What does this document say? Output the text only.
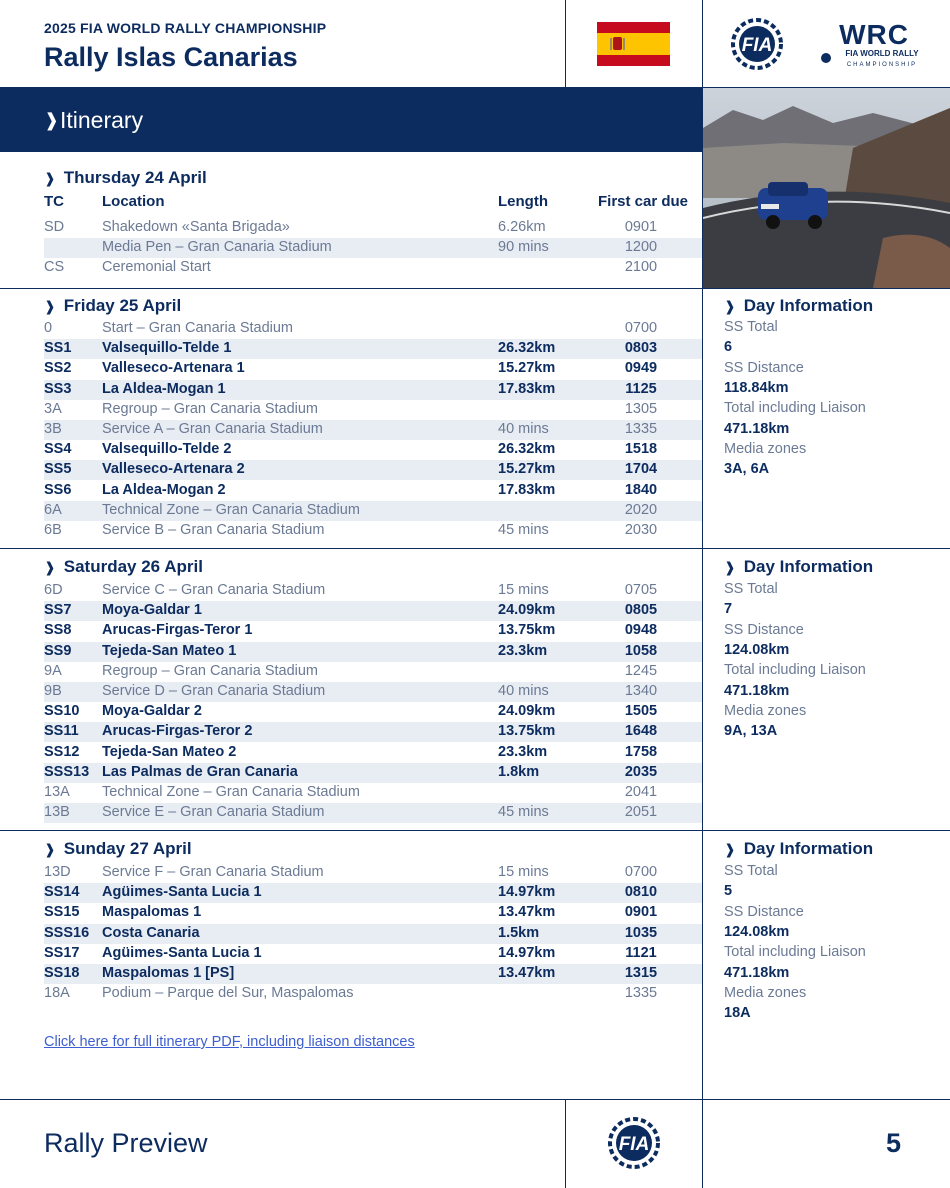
2025 FIA WORLD RALLY CHAMPIONSHIP
Rally Islas Canarias	FIA WRC
FIA WORLD RALLY
CHAMPIONSHIP
❱ Itinerary
❱ Thursday 24 April
TC	Location	Length	First car due
SD	Shakedown «Santa Brigada»	6.26km	0901
Media Pen – Gran Canaria Stadium	90 mins	1200
CS	Ceremonial Start	2100
❱ Friday 25 April
0	Start – Gran Canaria Stadium	0700
SS1 Valsequillo-Telde 1	26.32km	0803
SS2 Valleseco-Artenara 1	15.27km	0949
SS3 La Aldea-Mogan 1	17.83km	1125
3A	Regroup – Gran Canaria Stadium	1305
3B	Service A – Gran Canaria Stadium	40 mins	1335
SS4 Valsequillo-Telde 2	26.32km	1518
SS5 Valleseco-Artenara 2	15.27km	1704
SS6 La Aldea-Mogan 2	17.83km	1840
6A	Technical Zone – Gran Canaria Stadium	2020
6B	Service B – Gran Canaria Stadium	45 mins	2030
❱ Day Information
SS Total
6
SS Distance
118.84km
Total including Liaison
471.18km
Media zones
3A, 6A
❱ Saturday 26 April
6D	Service C – Gran Canaria Stadium	15 mins	0705
SS7 Moya-Galdar 1	24.09km	0805
SS8 Arucas-Firgas-Teror 1	13.75km	0948
SS9 Tejeda-San Mateo 1	23.3km	1058
9A	Regroup – Gran Canaria Stadium	1245
9B	Service D – Gran Canaria Stadium	40 mins	1340
SS10 Moya-Galdar 2	24.09km	1505
SS11 Arucas-Firgas-Teror 2	13.75km	1648
SS12 Tejeda-San Mateo 2	23.3km	1758
SSS13 Las Palmas de Gran Canaria	1.8km	2035
13A Technical Zone – Gran Canaria Stadium	2041
13B Service E – Gran Canaria Stadium	45 mins	2051
❱ Day Information
SS Total
7
SS Distance
124.08km
Total including Liaison
471.18km
Media zones
9A, 13A
❱ Sunday 27 April
13D Service F – Gran Canaria Stadium	15 mins	0700
SS14 Agüimes-Santa Lucia 1	14.97km	0810
SS15 Maspalomas 1	13.47km	0901
SSS16 Costa Canaria	1.5km	1035
SS17 Agüimes-Santa Lucia 1	14.97km	1121
SS18 Maspalomas 1 [PS]	13.47km	1315
18A Podium – Parque del Sur, Maspalomas	1335
❱ Day Information
SS Total
5
SS Distance
124.08km
Total including Liaison
471.18km
Media zones
18A
Click here for full itinerary PDF, including liaison distances
Rally Preview	FIA	5
